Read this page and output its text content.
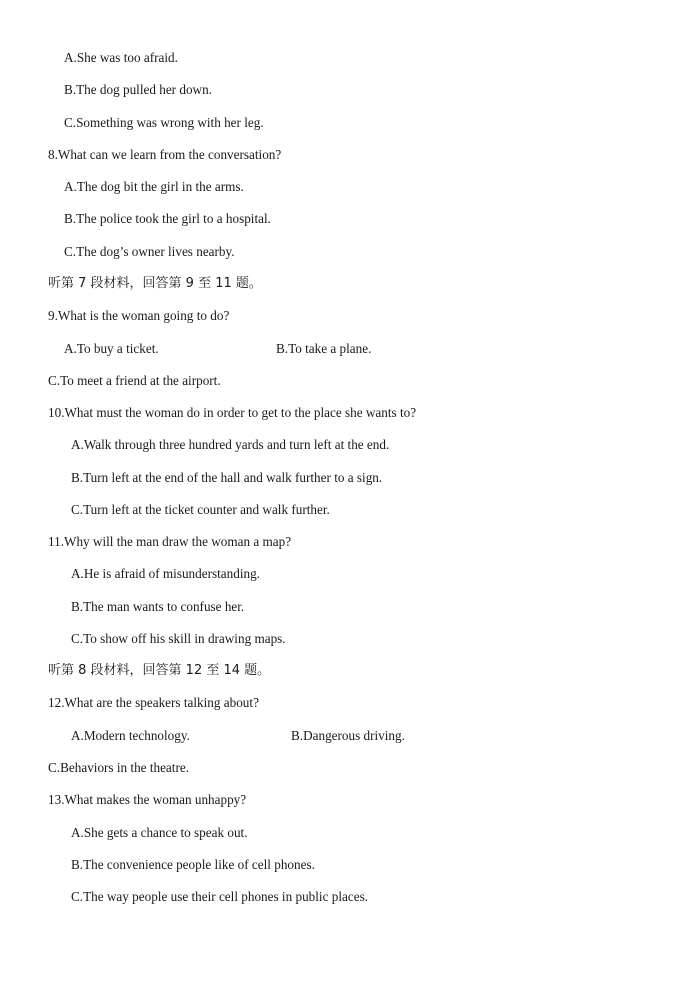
A.She was too afraid.
B.The dog pulled her down.
C.Something was wrong with her leg.
8.What can we learn from the conversation?
A.The dog bit the girl in the arms.
B.The police took the girl to a hospital.
C.The dog’s owner lives nearby.
听第 7 段材料，回答第 9 至 11 题。
9.What is the woman going to do?
A.To buy a ticket.	B.To take a plane.
C.To meet a friend at the airport.
10.What must the woman do in order to get to the place she wants to?
A.Walk through three hundred yards and turn left at the end.
B.Turn left at the end of the hall and walk further to a sign.
C.Turn left at the ticket counter and walk further.
11.Why will the man draw the woman a map?
A.He is afraid of misunderstanding.
B.The man wants to confuse her.
C.To show off his skill in drawing maps.
听第 8 段材料，回答第 12 至 14 题。
12.What are the speakers talking about?
A.Modern technology.	B.Dangerous driving.
C.Behaviors in the theatre.
13.What makes the woman unhappy?
A.She gets a chance to speak out.
B.The convenience people like of cell phones.
C.The way people use their cell phones in public places.
